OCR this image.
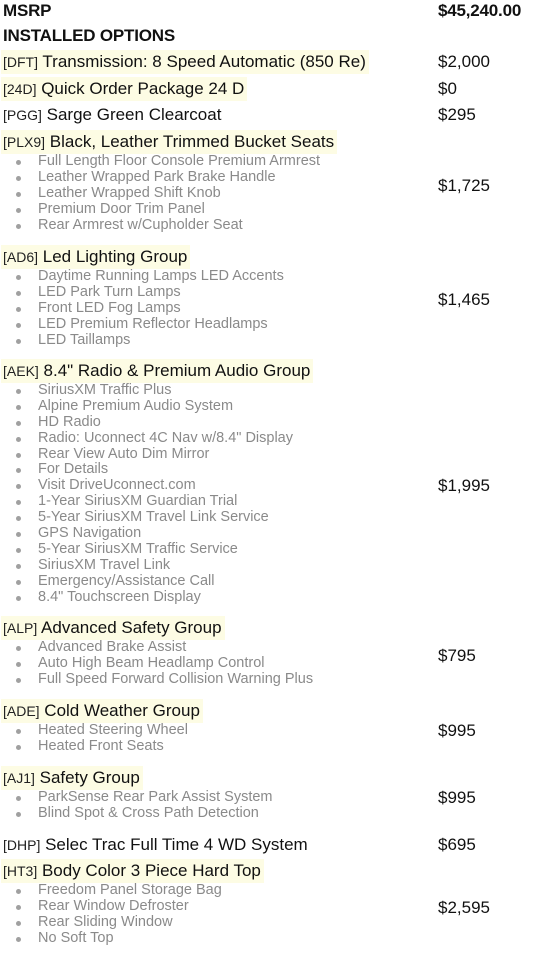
MSRP	$45,240.00
INSTALLED OPTIONS
[DFT] Transmission: 8 Speed Automatic (850 Re)	$2,000
[24D] Quick Order Package 24 D	$0
[PGG] Sarge Green Clearcoat	$295
[PLX9] Black, Leather Trimmed Bucket Seats
Full Length Floor Console Premium Armrest
Leather Wrapped Park Brake Handle
Leather Wrapped Shift Knob
Premium Door Trim Panel
Rear Armrest w/Cupholder Seat
$1,725
[AD6] Led Lighting Group
Daytime Running Lamps LED Accents
LED Park Turn Lamps
Front LED Fog Lamps
LED Premium Reflector Headlamps
LED Taillamps
$1,465
[AEK] 8.4" Radio & Premium Audio Group
SiriusXM Traffic Plus
Alpine Premium Audio System
HD Radio
Radio: Uconnect 4C Nav w/8.4" Display
Rear View Auto Dim Mirror
For Details
Visit DriveUconnect.com
1-Year SiriusXM Guardian Trial
5-Year SiriusXM Travel Link Service
GPS Navigation
5-Year SiriusXM Traffic Service
SiriusXM Travel Link
Emergency/Assistance Call
8.4" Touchscreen Display
$1,995
[ALP] Advanced Safety Group
Advanced Brake Assist
Auto High Beam Headlamp Control
Full Speed Forward Collision Warning Plus
$795
[ADE] Cold Weather Group
Heated Steering Wheel
Heated Front Seats
$995
[AJ1] Safety Group
ParkSense Rear Park Assist System
Blind Spot & Cross Path Detection
$995
[DHP] Selec Trac Full Time 4 WD System	$695
[HT3] Body Color 3 Piece Hard Top
Freedom Panel Storage Bag
Rear Window Defroster
Rear Sliding Window
No Soft Top
$2,595
